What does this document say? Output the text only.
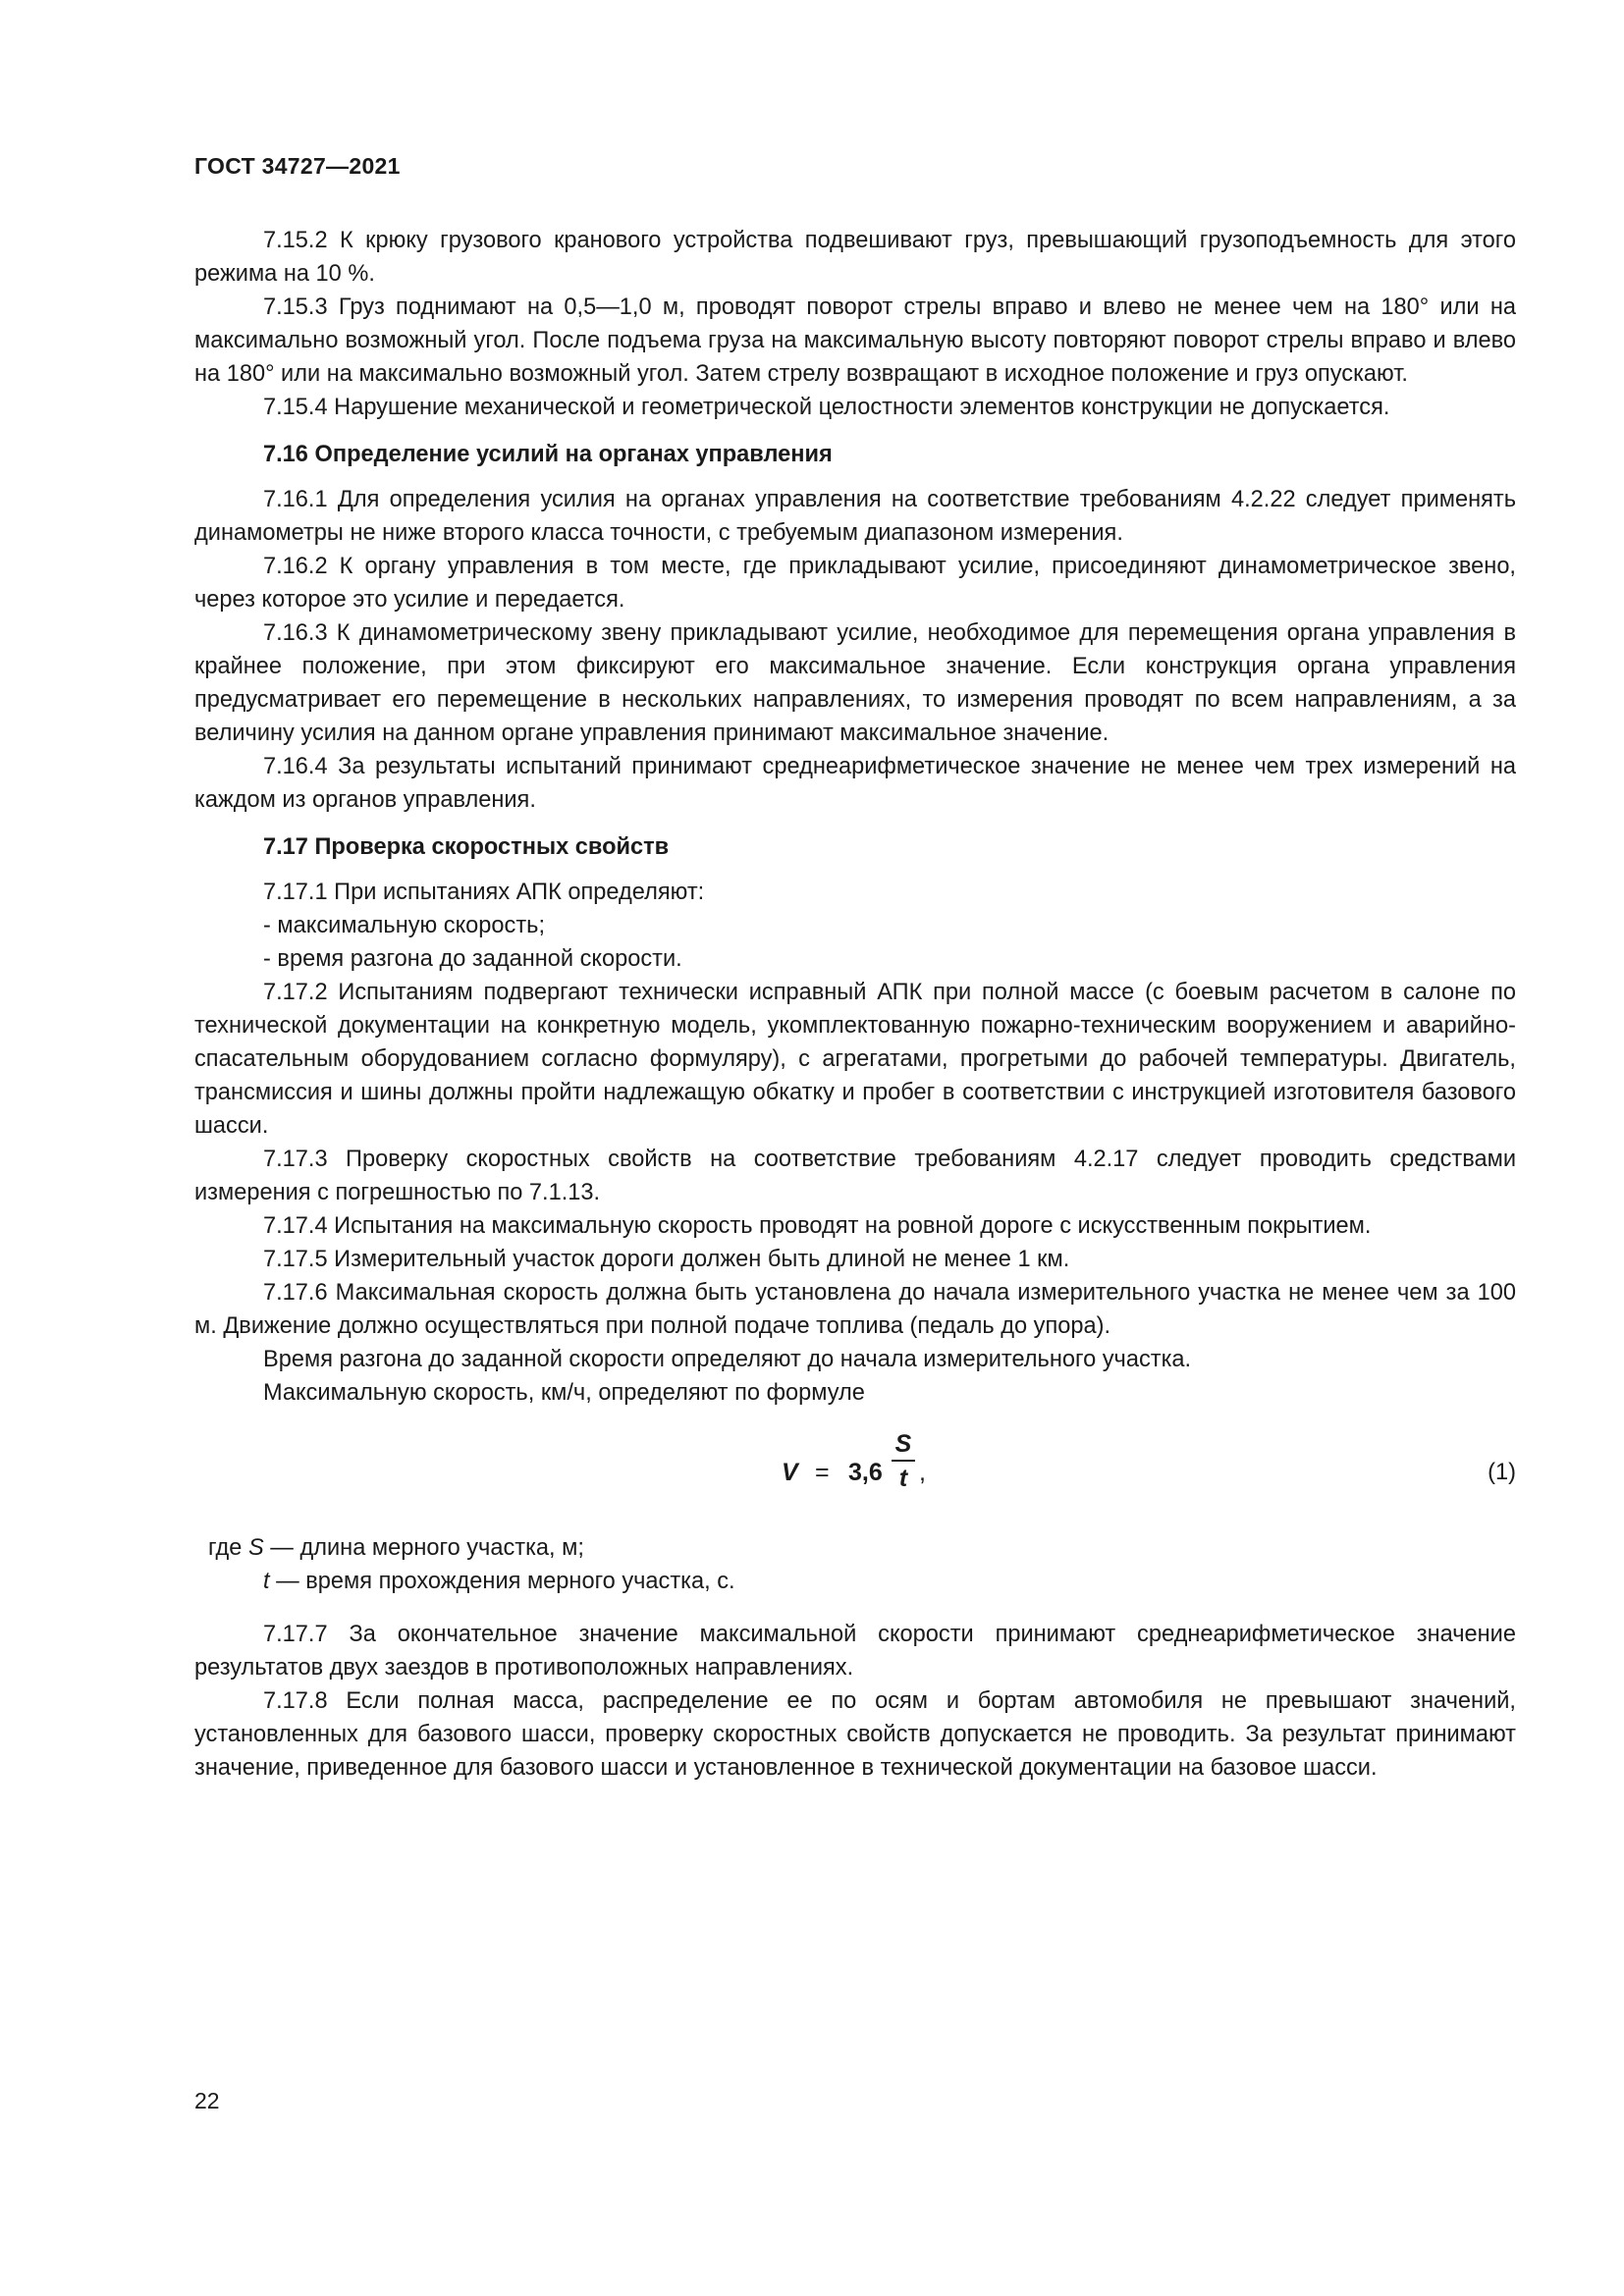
ГОСТ 34727—2021

7.15.2 К крюку грузового кранового устройства подвешивают груз, превышающий грузоподъемность для этого режима на 10 %.

7.15.3 Груз поднимают на 0,5—1,0 м, проводят поворот стрелы вправо и влево не менее чем на 180° или на максимально возможный угол. После подъема груза на максимальную высоту повторяют поворот стрелы вправо и влево на 180° или на максимально возможный угол. Затем стрелу возвращают в исходное положение и груз опускают.

7.15.4 Нарушение механической и геометрической целостности элементов конструкции не допускается.

7.16 Определение усилий на органах управления

7.16.1 Для определения усилия на органах управления на соответствие требованиям 4.2.22 следует применять динамометры не ниже второго класса точности, с требуемым диапазоном измерения.

7.16.2 К органу управления в том месте, где прикладывают усилие, присоединяют динамометрическое звено, через которое это усилие и передается.

7.16.3 К динамометрическому звену прикладывают усилие, необходимое для перемещения органа управления в крайнее положение, при этом фиксируют его максимальное значение. Если конструкция органа управления предусматривает его перемещение в нескольких направлениях, то измерения проводят по всем направлениям, а за величину усилия на данном органе управления принимают максимальное значение.

7.16.4 За результаты испытаний принимают среднеарифметическое значение не менее чем трех измерений на каждом из органов управления.

7.17 Проверка скоростных свойств

7.17.1 При испытаниях АПК определяют:

- максимальную скорость;

- время разгона до заданной скорости.

7.17.2 Испытаниям подвергают технически исправный АПК при полной массе (с боевым расчетом в салоне по технической документации на конкретную модель, укомплектованную пожарно-техническим вооружением и аварийно-спасательным оборудованием согласно формуляру), с агрегатами, прогретыми до рабочей температуры. Двигатель, трансмиссия и шины должны пройти надлежащую обкатку и пробег в соответствии с инструкцией изготовителя базового шасси.

7.17.3 Проверку скоростных свойств на соответствие требованиям 4.2.17 следует проводить средствами измерения с погрешностью по 7.1.13.

7.17.4 Испытания на максимальную скорость проводят на ровной дороге с искусственным покрытием.

7.17.5 Измерительный участок дороги должен быть длиной не менее 1 км.

7.17.6 Максимальная скорость должна быть установлена до начала измерительного участка не менее чем за 100 м. Движение должно осуществляться при полной подаче топлива (педаль до упора).

Время разгона до заданной скорости определяют до начала измерительного участка.

Максимальную скорость, км/ч, определяют по формуле

V = 3,6
S
t ,	(1)

где S — длина мерного участка, м;

t — время прохождения мерного участка, с.

7.17.7 За окончательное значение максимальной скорости принимают среднеарифметическое значение результатов двух заездов в противоположных направлениях.

7.17.8 Если полная масса, распределение ее по осям и бортам автомобиля не превышают значений, установленных для базового шасси, проверку скоростных свойств допускается не проводить. За результат принимают значение, приведенное для базового шасси и установленное в технической документации на базовое шасси.

22
